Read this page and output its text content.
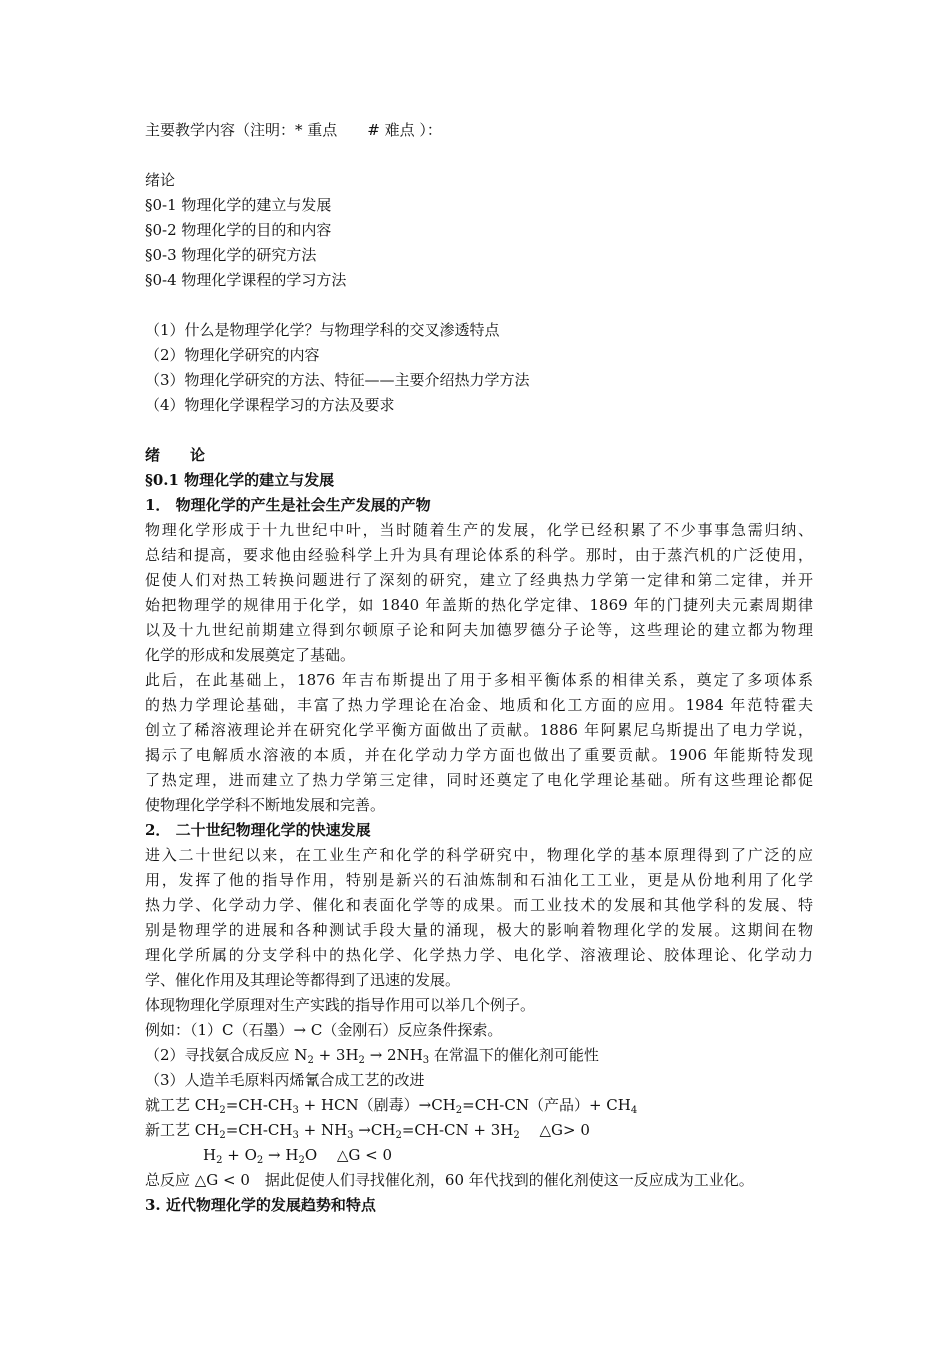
主要教学内容（注明：* 重点　　# 难点 ）：

绪论

§0-1 物理化学的建立与发展

§0-2 物理化学的目的和内容

§0-3 物理化学的研究方法

§0-4 物理化学课程的学习方法

（1）什么是物理学化学？与物理学科的交叉渗透特点

（2）物理化学研究的内容

（3）物理化学研究的方法、特征——主要介绍热力学方法

（4）物理化学课程学习的方法及要求

绪　　论

§0.1 物理化学的建立与发展

1． 物理化学的产生是社会生产发展的产物

物理化学形成于十九世纪中叶，当时随着生产的发展，化学已经积累了不少事事急需归纳、

总结和提高，要求他由经验科学上升为具有理论体系的科学。那时，由于蒸汽机的广泛使用，

促使人们对热工转换问题进行了深刻的研究，建立了经典热力学第一定律和第二定律，并开

始把物理学的规律用于化学，如 1840 年盖斯的热化学定律、1869 年的门捷列夫元素周期律

以及十九世纪前期建立得到尔顿原子论和阿夫加德罗德分子论等，这些理论的建立都为物理

化学的形成和发展奠定了基础。

此后，在此基础上，1876 年吉布斯提出了用于多相平衡体系的相律关系，奠定了多项体系

的热力学理论基础，丰富了热力学理论在冶金、地质和化工方面的应用。1984 年范特霍夫

创立了稀溶液理论并在研究化学平衡方面做出了贡献。1886 年阿累尼乌斯提出了电力学说，

揭示了电解质水溶液的本质，并在化学动力学方面也做出了重要贡献。1906 年能斯特发现

了热定理，进而建立了热力学第三定律，同时还奠定了电化学理论基础。所有这些理论都促

使物理化学学科不断地发展和完善。

2． 二十世纪物理化学的快速发展

进入二十世纪以来，在工业生产和化学的科学研究中，物理化学的基本原理得到了广泛的应

用，发挥了他的指导作用，特别是新兴的石油炼制和石油化工工业，更是从份地利用了化学

热力学、化学动力学、催化和表面化学等的成果。而工业技术的发展和其他学科的发展、特

别是物理学的进展和各种测试手段大量的涌现，极大的影响着物理化学的发展。这期间在物

理化学所属的分支学科中的热化学、化学热力学、电化学、溶液理论、胶体理论、化学动力

学、催化作用及其理论等都得到了迅速的发展。

体现物理化学原理对生产实践的指导作用可以举几个例子。

例如：（1）C（石墨）→ C（金刚石）反应条件探索。

（2）寻找氨合成反应 $N_2 + 3H_2 \to 2NH_3$ 在常温下的催化剂可能性

（3）人造羊毛原料丙烯氰合成工艺的改进

就工艺 $CH_2=CH-CH_3 + HCN$（剧毒）$\to CH_2=CH-CN$（产品）+ $CH_4$

新工艺 $CH_2=CH-CH_3 + NH_3 \to CH_2=CH-CN + 3H_2$　 △G> 0

$H_2 + O_2 \to H_2O$　 △G < 0

总反应 △G < 0　据此促使人们寻找催化剂，60 年代找到的催化剂使这一反应成为工业化。

3. 近代物理化学的发展趋势和特点
